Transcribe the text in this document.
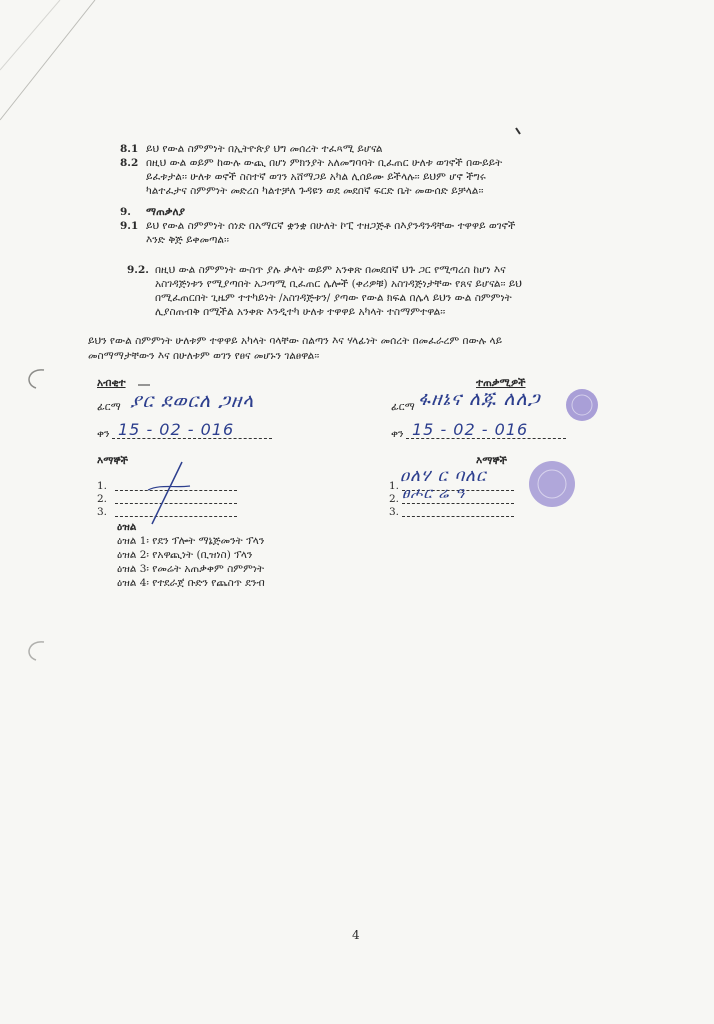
8.1 ይህ የውል ስምምነት በኢትዮጵያ ህግ መሰረት ተፈጻሚ ይሆናል
8.2 በዚህ ውል ወይም ከውሉ ውጪ በሆነ ምክንያት አለመግባባት ቢፈጠር ሁለቱ ወገኖች በውይይት
ይፈቱታል፡፡ ሁለቱ ወኖች ስስተኛ ወገን አሸማጋይ አካል ሊሰይሙ ይችላሉ፡፡ ይህም ሆኖ ችግሩ
ካልተፈታና ስምምነት መድረስ ካልተቻለ ጉዳዩን ወደ መደበኛ ፍርድ ቤት መውሰድ ይቻላል፡፡
9. ማጠቃለያ
9.1 ይህ የውል ስምምነት ሰነድ በአማርኛ ቋንቋ በሁለት ኮፒ ተዘጋጅቶ በእያንዳንዳቸው ተዋዋይ ወገኖች
እንድ ቅጅ ይቀመጣል፡፡
9.2. በዚህ ውል ስምምነት ውስጥ ያሉ ቃላት ወይም አንቀጽ በመደበኛ ህጉ ጋር የሚጣረስ ከሆነ እና
አስገዳጅነቱን የሚያጣበት አጋጣሚ ቢፈጠር ሌሎች (ቀሪዎቹ) አስገዳጅነታቸው የጸና ይሆናል፡፡ ይህ
በሚፈጠርበት ጊዜም ተተካይነት /አስገዳጅቱን/ ያጣው የውል ክፍል በሌላ ይህን ውል ስምምነት
ሊያስጠብቅ በሚችል አንቀጽ እንዲተካ ሁለቱ ተዋዋይ አካላት ተስማምተዋል፡፡
ይህን የውል ስምምነት ሁለቱም ተዋዋይ አካላት ባላቸው ስልጣን እና ሃላፊነት መሰረት በመፈራረም በውሉ ላይ
መስማማታቸውን እና በሁለቱም ወገን የፀና መሆኑን ገልፀዋል፡፡
አብቂተ
ፊርማ ያር ደወርለ ጋዘላ
ቀን 15 - 02 - 016
እማኞች
1.
2.
3.
ዕዝል
ዕዝል 1፡ የደን ፕሎት ማኔጅመንት ፕላን
ዕዝል 2፡ የአዋጪነት (ቢዝነስ) ፕላን
ዕዝል 3፡ የመሬት አጠቃቀም ስምምነት
ዕዝል 4፡ የተደራጀ ቡድን የጨስጥ ደንብ
ተጠቃሚዎች
ፊርማ ፋዘኔና ለጁ ለለጋ
ቀን 15 - 02 - 016
እማኞች
1. ዐለሃ ር ባለር
2. ፀሖር ሬ ዓ
3.
4
